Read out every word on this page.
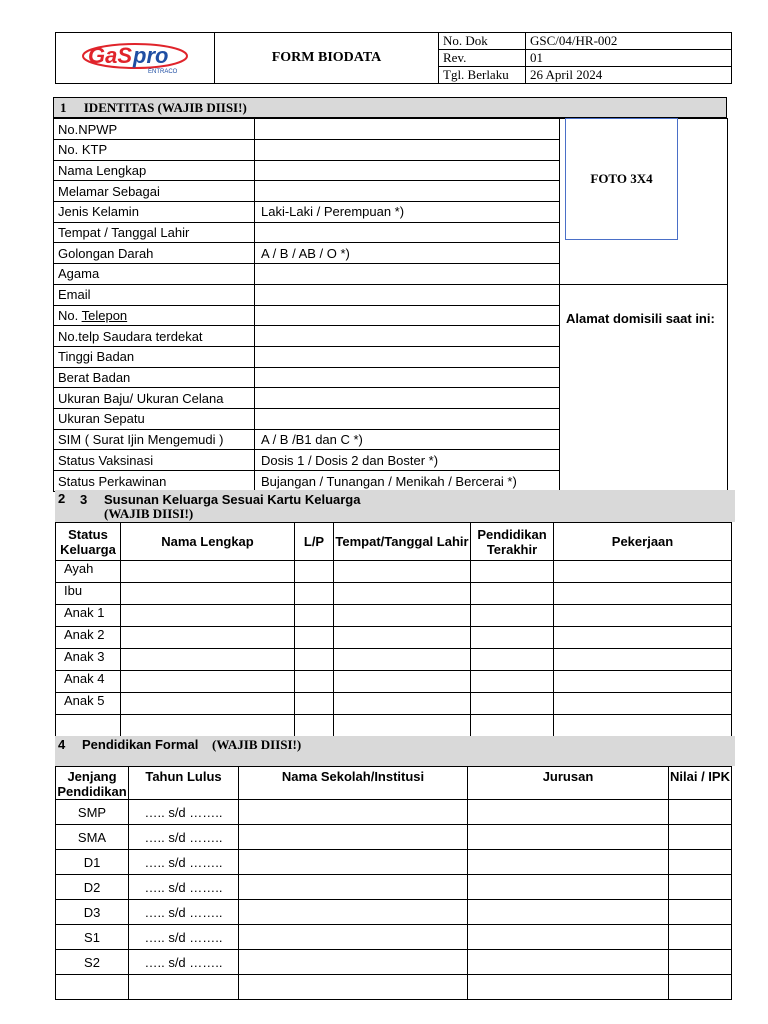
GaS pro
ENTRACO	FORM BIODATA	No. Dok	GSC/04/HR-002
		Rev.	01
		Tgl. Berlaku	26 April 2024
1 IDENTITAS (WAJIB DIISI!)
No.NPWP		
No. KTP		
Nama Lengkap		
Melamar Sebagai		
Jenis Kelamin	Laki-Laki / Perempuan *)	
Tempat / Tanggal Lahir		
Golongan Darah	A / B / AB / O *)	
Agama		
Email		
No. Telepon		
No.telp Saudara terdekat		
Tinggi Badan		
Berat Badan		
Ukuran Baju/ Ukuran Celana		
Ukuran Sepatu		
SIM ( Surat Ijin Mengemudi )	A / B /B1 dan C *)	
Status Vaksinasi	Dosis 1 / Dosis 2 dan Boster *)	
Status Perkawinan	Bujangan / Tunangan / Menikah / Bercerai *)	
FOTO 3X4
Alamat domisili saat ini:
2 3 Susunan Keluarga Sesuai Kartu Keluarga
(WAJIB DIISI!)
Status Keluarga	Nama Lengkap	L/P	Tempat/Tanggal Lahir	Pendidikan Terakhir	Pekerjaan
Ayah					
Ibu					
Anak 1					
Anak 2					
Anak 3					
Anak 4					
Anak 5					

4 Pendidikan Formal (WAJIB DIISI!)
Jenjang Pendidikan	Tahun Lulus	Nama Sekolah/Institusi	Jurusan	Nilai / IPK
SMP	….. s/d ……..			
SMA	….. s/d ……..			
D1	….. s/d ……..			
D2	….. s/d ……..			
D3	….. s/d ……..			
S1	….. s/d ……..			
S2	….. s/d ……..			
